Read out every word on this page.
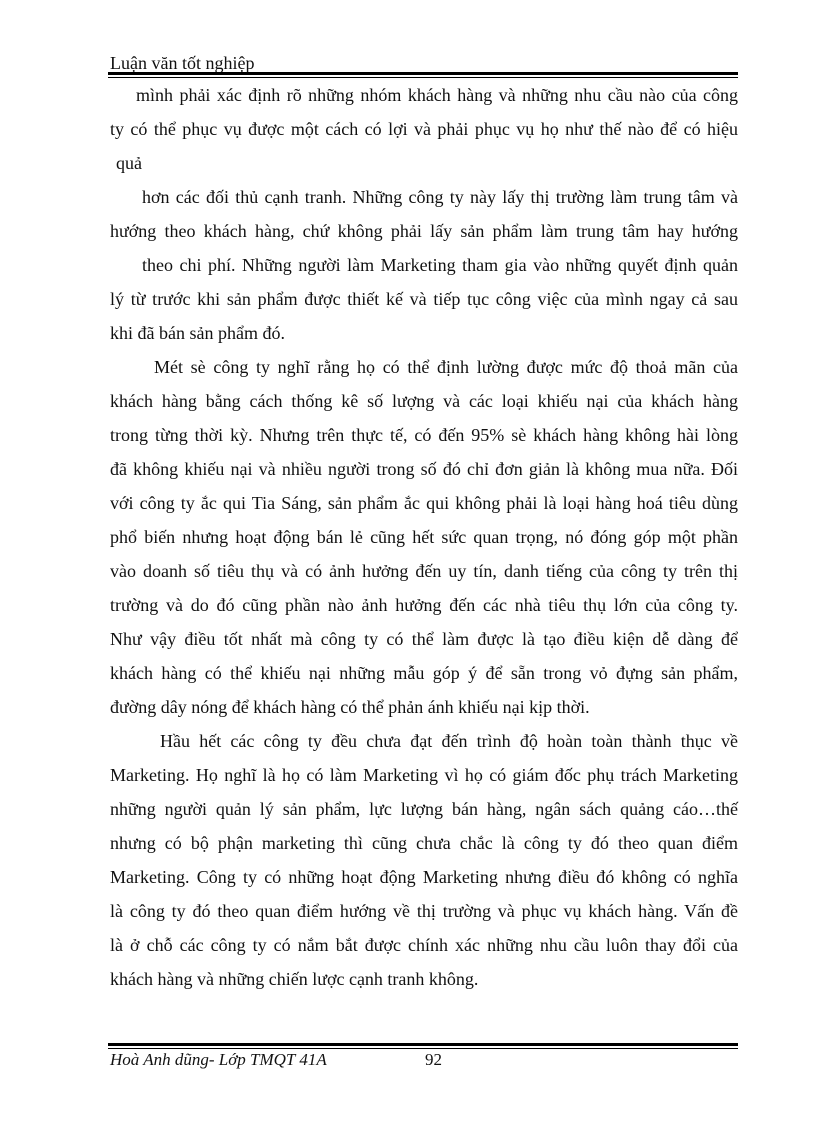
Luận văn tốt nghiệp
mình phải xác định rõ những nhóm khách hàng và những nhu cầu nào của công
ty có thể phục vụ được một cách có lợi và phải phục vụ họ như thế nào để có hiệu
quả
hơn các đối thủ cạnh tranh. Những công ty này lấy thị trường làm trung tâm và
hướng theo khách hàng, chứ không phải lấy sản phẩm làm trung tâm hay hướng
theo chi phí. Những người làm Marketing tham gia vào những quyết định quản
lý từ trước khi sản phẩm được thiết kế và tiếp tục công việc của mình ngay cả sau
khi đã bán sản phẩm đó.
Mét sè công ty nghĩ rằng họ có thể định lường được mức độ thoả mãn của
khách hàng bằng cách thống kê số lượng và các loại khiếu nại của khách hàng
trong từng thời kỳ. Nhưng trên thực tế, có đến 95% sè khách hàng không hài lòng
đã không khiếu nại và nhiều người trong số đó chỉ đơn giản là không mua nữa. Đối
với công ty ắc qui Tia Sáng, sản phẩm ắc qui không phải là loại hàng hoá tiêu dùng
phổ biến nhưng hoạt động bán lẻ cũng hết sức quan trọng, nó đóng góp một phần
vào doanh số tiêu thụ và có ảnh hưởng đến uy tín, danh tiếng của công ty trên thị
trường và do đó cũng phần nào ảnh hưởng đến các nhà tiêu thụ lớn của công ty.
Như vậy điều tốt nhất mà công ty có thể làm được là tạo điều kiện dễ dàng để
khách hàng có thể khiếu nại những mẫu góp ý để sẵn trong vỏ đựng sản phẩm,
đường dây nóng để khách hàng có thể phản ánh khiếu nại kịp thời.
Hầu hết các công ty đều chưa đạt đến trình độ hoàn toàn thành thục về
Marketing. Họ nghĩ là họ có làm Marketing vì họ có giám đốc phụ trách Marketing
những người quản lý sản phẩm, lực lượng bán hàng, ngân sách quảng cáo…thế
nhưng có bộ phận marketing thì cũng chưa chắc là công ty đó theo quan điểm
Marketing. Công ty có những hoạt động Marketing nhưng điều đó không có nghĩa
là công ty đó theo quan điểm hướng về thị trường và phục vụ khách hàng. Vấn đề
là ở chỗ các công ty có nắm bắt được chính xác những nhu cầu luôn thay đổi của
khách hàng và những chiến lược cạnh tranh không.
Hoà Anh dũng- Lớp TMQT 41A	92
